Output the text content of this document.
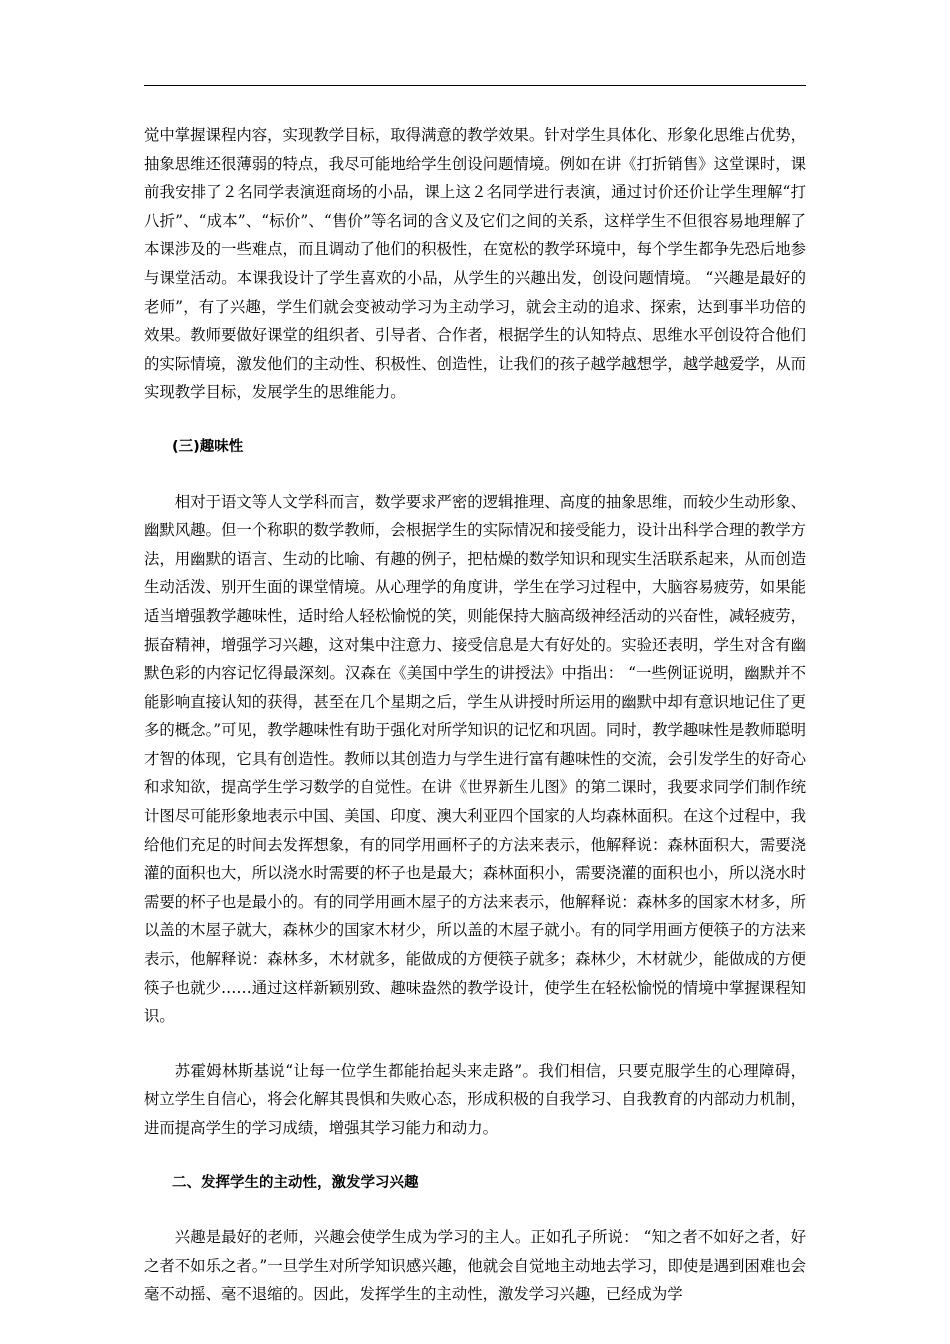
觉中掌握课程内容，实现教学目标，取得满意的教学效果。针对学生具体化、形象化思维占优势，抽象思维还很薄弱的特点，我尽可能地给学生创设问题情境。例如在讲《打折销售》这堂课时，课前我安排了２名同学表演逛商场的小品，课上这２名同学进行表演，通过讨价还价让学生理解“打八折”、“成本”、“标价”、“售价”等名词的含义及它们之间的关系，这样学生不但很容易地理解了本课涉及的一些难点，而且调动了他们的积极性，在宽松的教学环境中，每个学生都争先恐后地参与课堂活动。本课我设计了学生喜欢的小品，从学生的兴趣出发，创设问题情境。 “兴趣是最好的老师”，有了兴趣，学生们就会变被动学习为主动学习，就会主动的追求、探索，达到事半功倍的效果。教师要做好课堂的组织者、引导者、合作者，根据学生的认知特点、思维水平创设符合他们的实际情境，激发他们的主动性、积极性、创造性，让我们的孩子越学越想学，越学越爱学，从而实现教学目标，发展学生的思维能力。

(三)趣味性

相对于语文等人文学科而言，数学要求严密的逻辑推理、高度的抽象思维，而较少生动形象、幽默风趣。但一个称职的数学教师，会根据学生的实际情况和接受能力，设计出科学合理的教学方法，用幽默的语言、生动的比喻、有趣的例子，把枯燥的数学知识和现实生活联系起来，从而创造生动活泼、别开生面的课堂情境。从心理学的角度讲，学生在学习过程中，大脑容易疲劳，如果能适当增强教学趣味性，适时给人轻松愉悦的笑，则能保持大脑高级神经活动的兴奋性，减轻疲劳，振奋精神，增强学习兴趣，这对集中注意力、接受信息是大有好处的。实验还表明，学生对含有幽默色彩的内容记忆得最深刻。汉森在《美国中学生的讲授法》中指出： “一些例证说明，幽默并不能影响直接认知的获得，甚至在几个星期之后，学生从讲授时所运用的幽默中却有意识地记住了更多的概念。”可见，教学趣味性有助于强化对所学知识的记忆和巩固。同时，教学趣味性是教师聪明才智的体现，它具有创造性。教师以其创造力与学生进行富有趣味性的交流，会引发学生的好奇心和求知欲，提高学生学习数学的自觉性。在讲《世界新生儿图》的第二课时，我要求同学们制作统计图尽可能形象地表示中国、美国、印度、澳大利亚四个国家的人均森林面积。在这个过程中，我给他们充足的时间去发挥想象，有的同学用画杯子的方法来表示，他解释说：森林面积大，需要浇灌的面积也大，所以浇水时需要的杯子也是最大；森林面积小，需要浇灌的面积也小，所以浇水时需要的杯子也是最小的。有的同学用画木屋子的方法来表示，他解释说：森林多的国家木材多，所以盖的木屋子就大，森林少的国家木材少，所以盖的木屋子就小。有的同学用画方便筷子的方法来表示，他解释说：森林多，木材就多，能做成的方便筷子就多；森林少，木材就少，能做成的方便筷子也就少……通过这样新颖别致、趣味盎然的教学设计，使学生在轻松愉悦的情境中掌握课程知识。

苏霍姆林斯基说“让每一位学生都能抬起头来走路”。我们相信，只要克服学生的心理障碍，树立学生自信心，将会化解其畏惧和失败心态，形成积极的自我学习、自我教育的内部动力机制，进而提高学生的学习成绩，增强其学习能力和动力。

二、发挥学生的主动性，激发学习兴趣

兴趣是最好的老师，兴趣会使学生成为学习的主人。正如孔子所说： “知之者不如好之者，好之者不如乐之者。”一旦学生对所学知识感兴趣，他就会自觉地主动地去学习，即使是遇到困难也会毫不动摇、毫不退缩的。因此，发挥学生的主动性，激发学习兴趣，已经成为学
